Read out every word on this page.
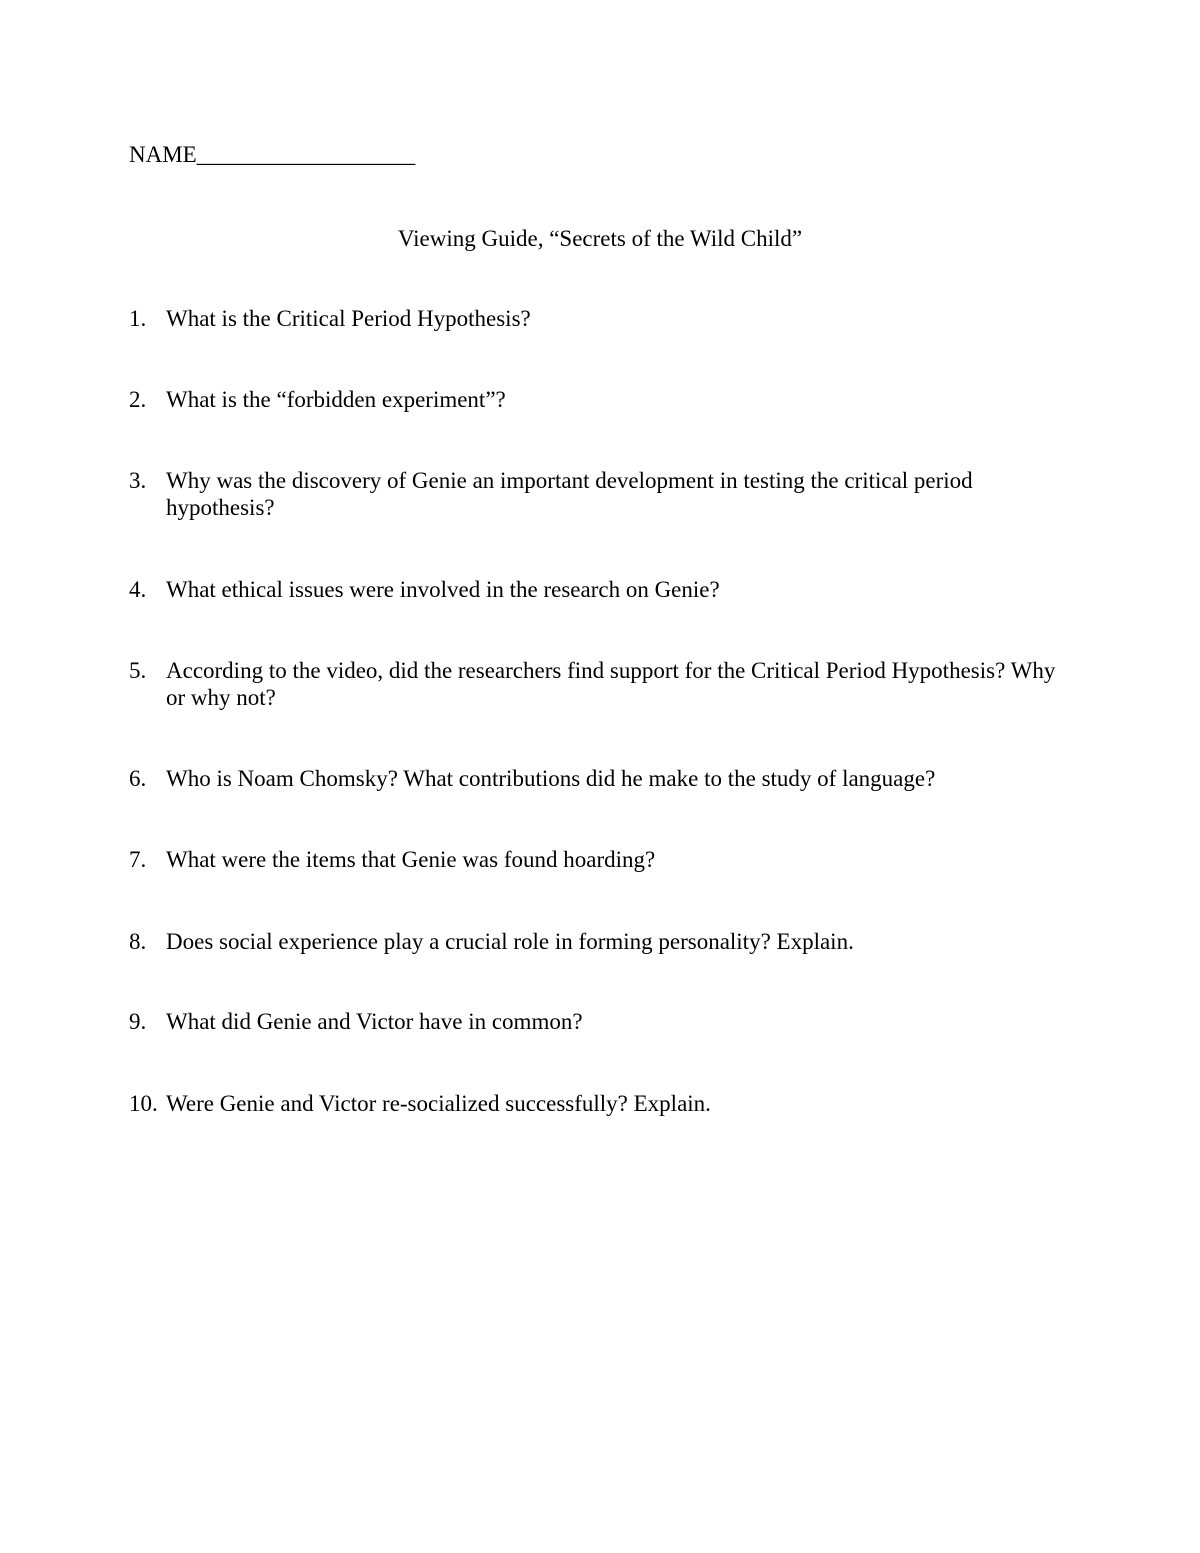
NAME___________________
Viewing Guide, “Secrets of the Wild Child”
1. What is the Critical Period Hypothesis?
2. What is the “forbidden experiment”?
3. Why was the discovery of Genie an important development in testing the critical period hypothesis?
4. What ethical issues were involved in the research on Genie?
5. According to the video, did the researchers find support for the Critical Period Hypothesis? Why or why not?
6. Who is Noam Chomsky? What contributions did he make to the study of language?
7. What were the items that Genie was found hoarding?
8. Does social experience play a crucial role in forming personality? Explain.
9. What did Genie and Victor have in common?
10. Were Genie and Victor re-socialized successfully? Explain.
